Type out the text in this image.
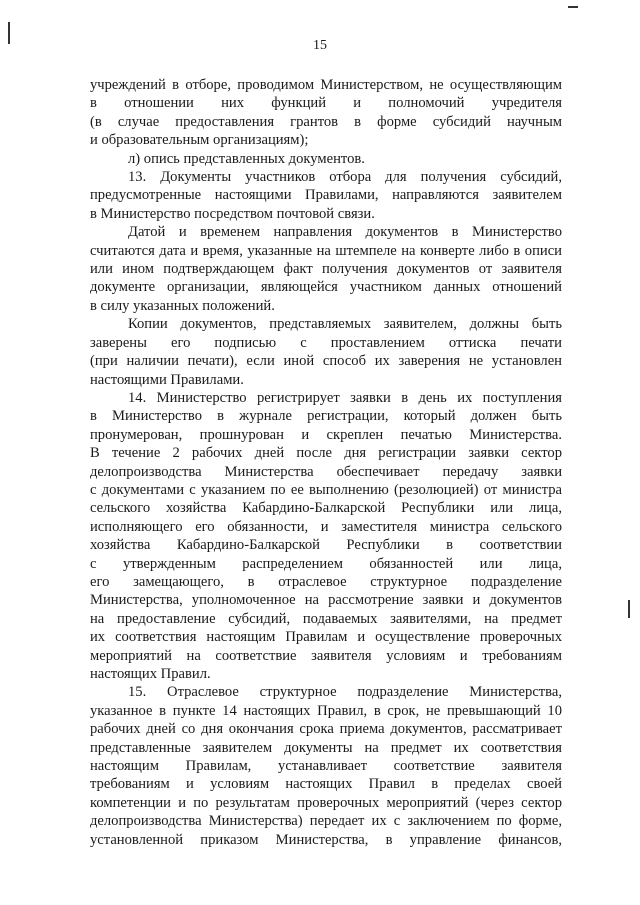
15
учреждений в отборе, проводимом Министерством, не осуществляющим
в отношении них функций и полномочий учредителя
(в случае предоставления грантов в форме субсидий научным
и образовательным организациям);
л) опись представленных документов.
13. Документы участников отбора для получения субсидий,
предусмотренные настоящими Правилами, направляются заявителем
в Министерство посредством почтовой связи.
Датой и временем направления документов в Министерство
считаются дата и время, указанные на штемпеле на конверте либо в описи
или ином подтверждающем факт получения документов от заявителя
документе организации, являющейся участником данных отношений
в силу указанных положений.
Копии документов, представляемых заявителем, должны быть
заверены его подписью с проставлением оттиска печати
(при наличии печати), если иной способ их заверения не установлен
настоящими Правилами.
14. Министерство регистрирует заявки в день их поступления
в Министерство в журнале регистрации, который должен быть
пронумерован, прошнурован и скреплен печатью Министерства.
В течение 2 рабочих дней после дня регистрации заявки сектор
делопроизводства Министерства обеспечивает передачу заявки
с документами с указанием по ее выполнению (резолюцией) от министра
сельского хозяйства Кабардино-Балкарской Республики или лица,
исполняющего его обязанности, и заместителя министра сельского
хозяйства Кабардино-Балкарской Республики в соответствии
с утвержденным распределением обязанностей или лица,
его замещающего, в отраслевое структурное подразделение
Министерства, уполномоченное на рассмотрение заявки и документов
на предоставление субсидий, подаваемых заявителями, на предмет
их соответствия настоящим Правилам и осуществление проверочных
мероприятий на соответствие заявителя условиям и требованиям
настоящих Правил.
15. Отраслевое структурное подразделение Министерства,
указанное в пункте 14 настоящих Правил, в срок, не превышающий 10
рабочих дней со дня окончания срока приема документов, рассматривает
представленные заявителем документы на предмет их соответствия
настоящим Правилам, устанавливает соответствие заявителя
требованиям и условиям настоящих Правил в пределах своей
компетенции и по результатам проверочных мероприятий (через сектор
делопроизводства Министерства) передает их с заключением по форме,
установленной приказом Министерства, в управление финансов,
